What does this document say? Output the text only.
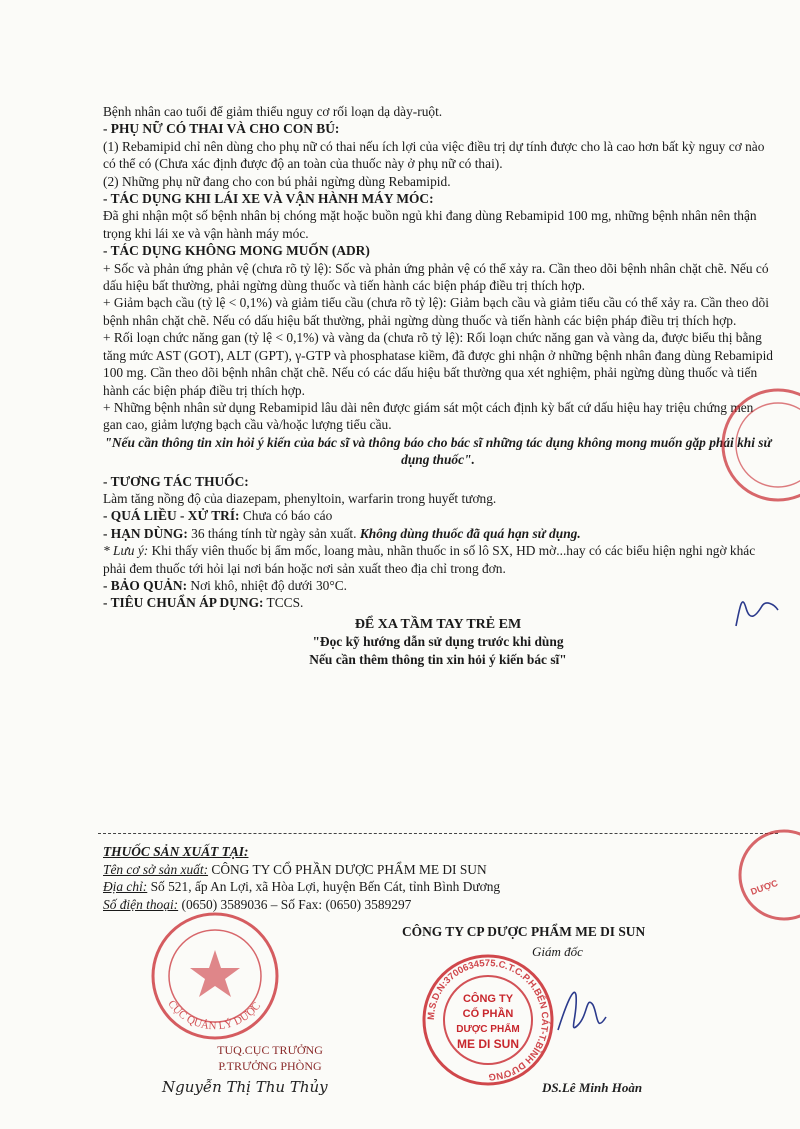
Bệnh nhân cao tuổi để giảm thiểu nguy cơ rối loạn dạ dày-ruột.

- PHỤ NỮ CÓ THAI VÀ CHO CON BÚ:

(1) Rebamipid chỉ nên dùng cho phụ nữ có thai nếu ích lợi của việc điều trị dự tính được cho là cao hơn bất kỳ nguy cơ nào có thể có (Chưa xác định được độ an toàn của thuốc này ở phụ nữ có thai).

(2) Những phụ nữ đang cho con bú phải ngừng dùng Rebamipid.

- TÁC DỤNG KHI LÁI XE VÀ VẬN HÀNH MÁY MÓC:

Đã ghi nhận một số bệnh nhân bị chóng mặt hoặc buồn ngủ khi đang dùng Rebamipid 100 mg, những bệnh nhân nên thận trọng khi lái xe và vận hành máy móc.

- TÁC DỤNG KHÔNG MONG MUỐN (ADR)

+ Sốc và phản ứng phản vệ (chưa rõ tỷ lệ): Sốc và phản ứng phản vệ có thể xảy ra. Cần theo dõi bệnh nhân chặt chẽ. Nếu có dấu hiệu bất thường, phải ngừng dùng thuốc và tiến hành các biện pháp điều trị thích hợp.

+ Giảm bạch cầu (tỷ lệ < 0,1%) và giảm tiểu cầu (chưa rõ tỷ lệ): Giảm bạch cầu và giảm tiểu cầu có thể xảy ra. Cần theo dõi bệnh nhân chặt chẽ. Nếu có dấu hiệu bất thường, phải ngừng dùng thuốc và tiến hành các biện pháp điều trị thích hợp.

+ Rối loạn chức năng gan (tỷ lệ < 0,1%) và vàng da (chưa rõ tỷ lệ): Rối loạn chức năng gan và vàng da, được biểu thị bằng tăng mức AST (GOT), ALT (GPT), γ-GTP và phosphatase kiềm, đã được ghi nhận ở những bệnh nhân đang dùng Rebamipid 100 mg. Cần theo dõi bệnh nhân chặt chẽ. Nếu có các dấu hiệu bất thường qua xét nghiệm, phải ngừng dùng thuốc và tiến hành các biện pháp điều trị thích hợp.

+ Những bệnh nhân sử dụng Rebamipid lâu dài nên được giám sát một cách định kỳ bất cứ dấu hiệu hay triệu chứng men gan cao, giảm lượng bạch cầu và/hoặc lượng tiểu cầu.

"Nếu cần thông tin xin hỏi ý kiến của bác sĩ và thông báo cho bác sĩ những tác dụng không mong muốn gặp phải khi sử dụng thuốc".

- TƯƠNG TÁC THUỐC:

Làm tăng nồng độ của diazepam, phenyltoin, warfarin trong huyết tương.

- QUÁ LIỀU - XỬ TRÍ: Chưa có báo cáo

- HẠN DÙNG: 36 tháng tính từ ngày sản xuất. Không dùng thuốc đã quá hạn sử dụng.

* Lưu ý: Khi thấy viên thuốc bị ẩm mốc, loang màu, nhãn thuốc in số lô SX, HD mờ...hay có các biểu hiện nghi ngờ khác phải đem thuốc tới hỏi lại nơi bán hoặc nơi sản xuất theo địa chỉ trong đơn.

- BẢO QUẢN: Nơi khô, nhiệt độ dưới 30°C.

- TIÊU CHUẨN ÁP DỤNG: TCCS.

ĐỂ XA TẦM TAY TRẺ EM

"Đọc kỹ hướng dẫn sử dụng trước khi dùng

Nếu cần thêm thông tin xin hỏi ý kiến bác sĩ"

THUỐC SẢN XUẤT TẠI:

Tên cơ sở sản xuất: CÔNG TY CỔ PHẦN DƯỢC PHẨM ME DI SUN

Địa chỉ: Số 521, ấp An Lợi, xã Hòa Lợi, huyện Bến Cát, tỉnh Bình Dương

Số điện thoại: (0650) 3589036 – Số Fax: (0650) 3589297

CÔNG TY CP DƯỢC PHẨM ME DI SUN
Giám đốc
CỤC QUẢN LÝ DƯỢC
TUQ.CỤC TRƯỞNG
P.TRƯỞNG PHÒNG
Nguyễn Thị Thu Thủy
M.S.D.N:3700634575.C.T.C.P.H.BẾN CÁT-T.BÌNH DƯƠNG
CÔNG TY
CỔ PHẦN
DƯỢC PHẨM
ME DI SUN
DS.Lê Minh Hoàn
DƯỢC
